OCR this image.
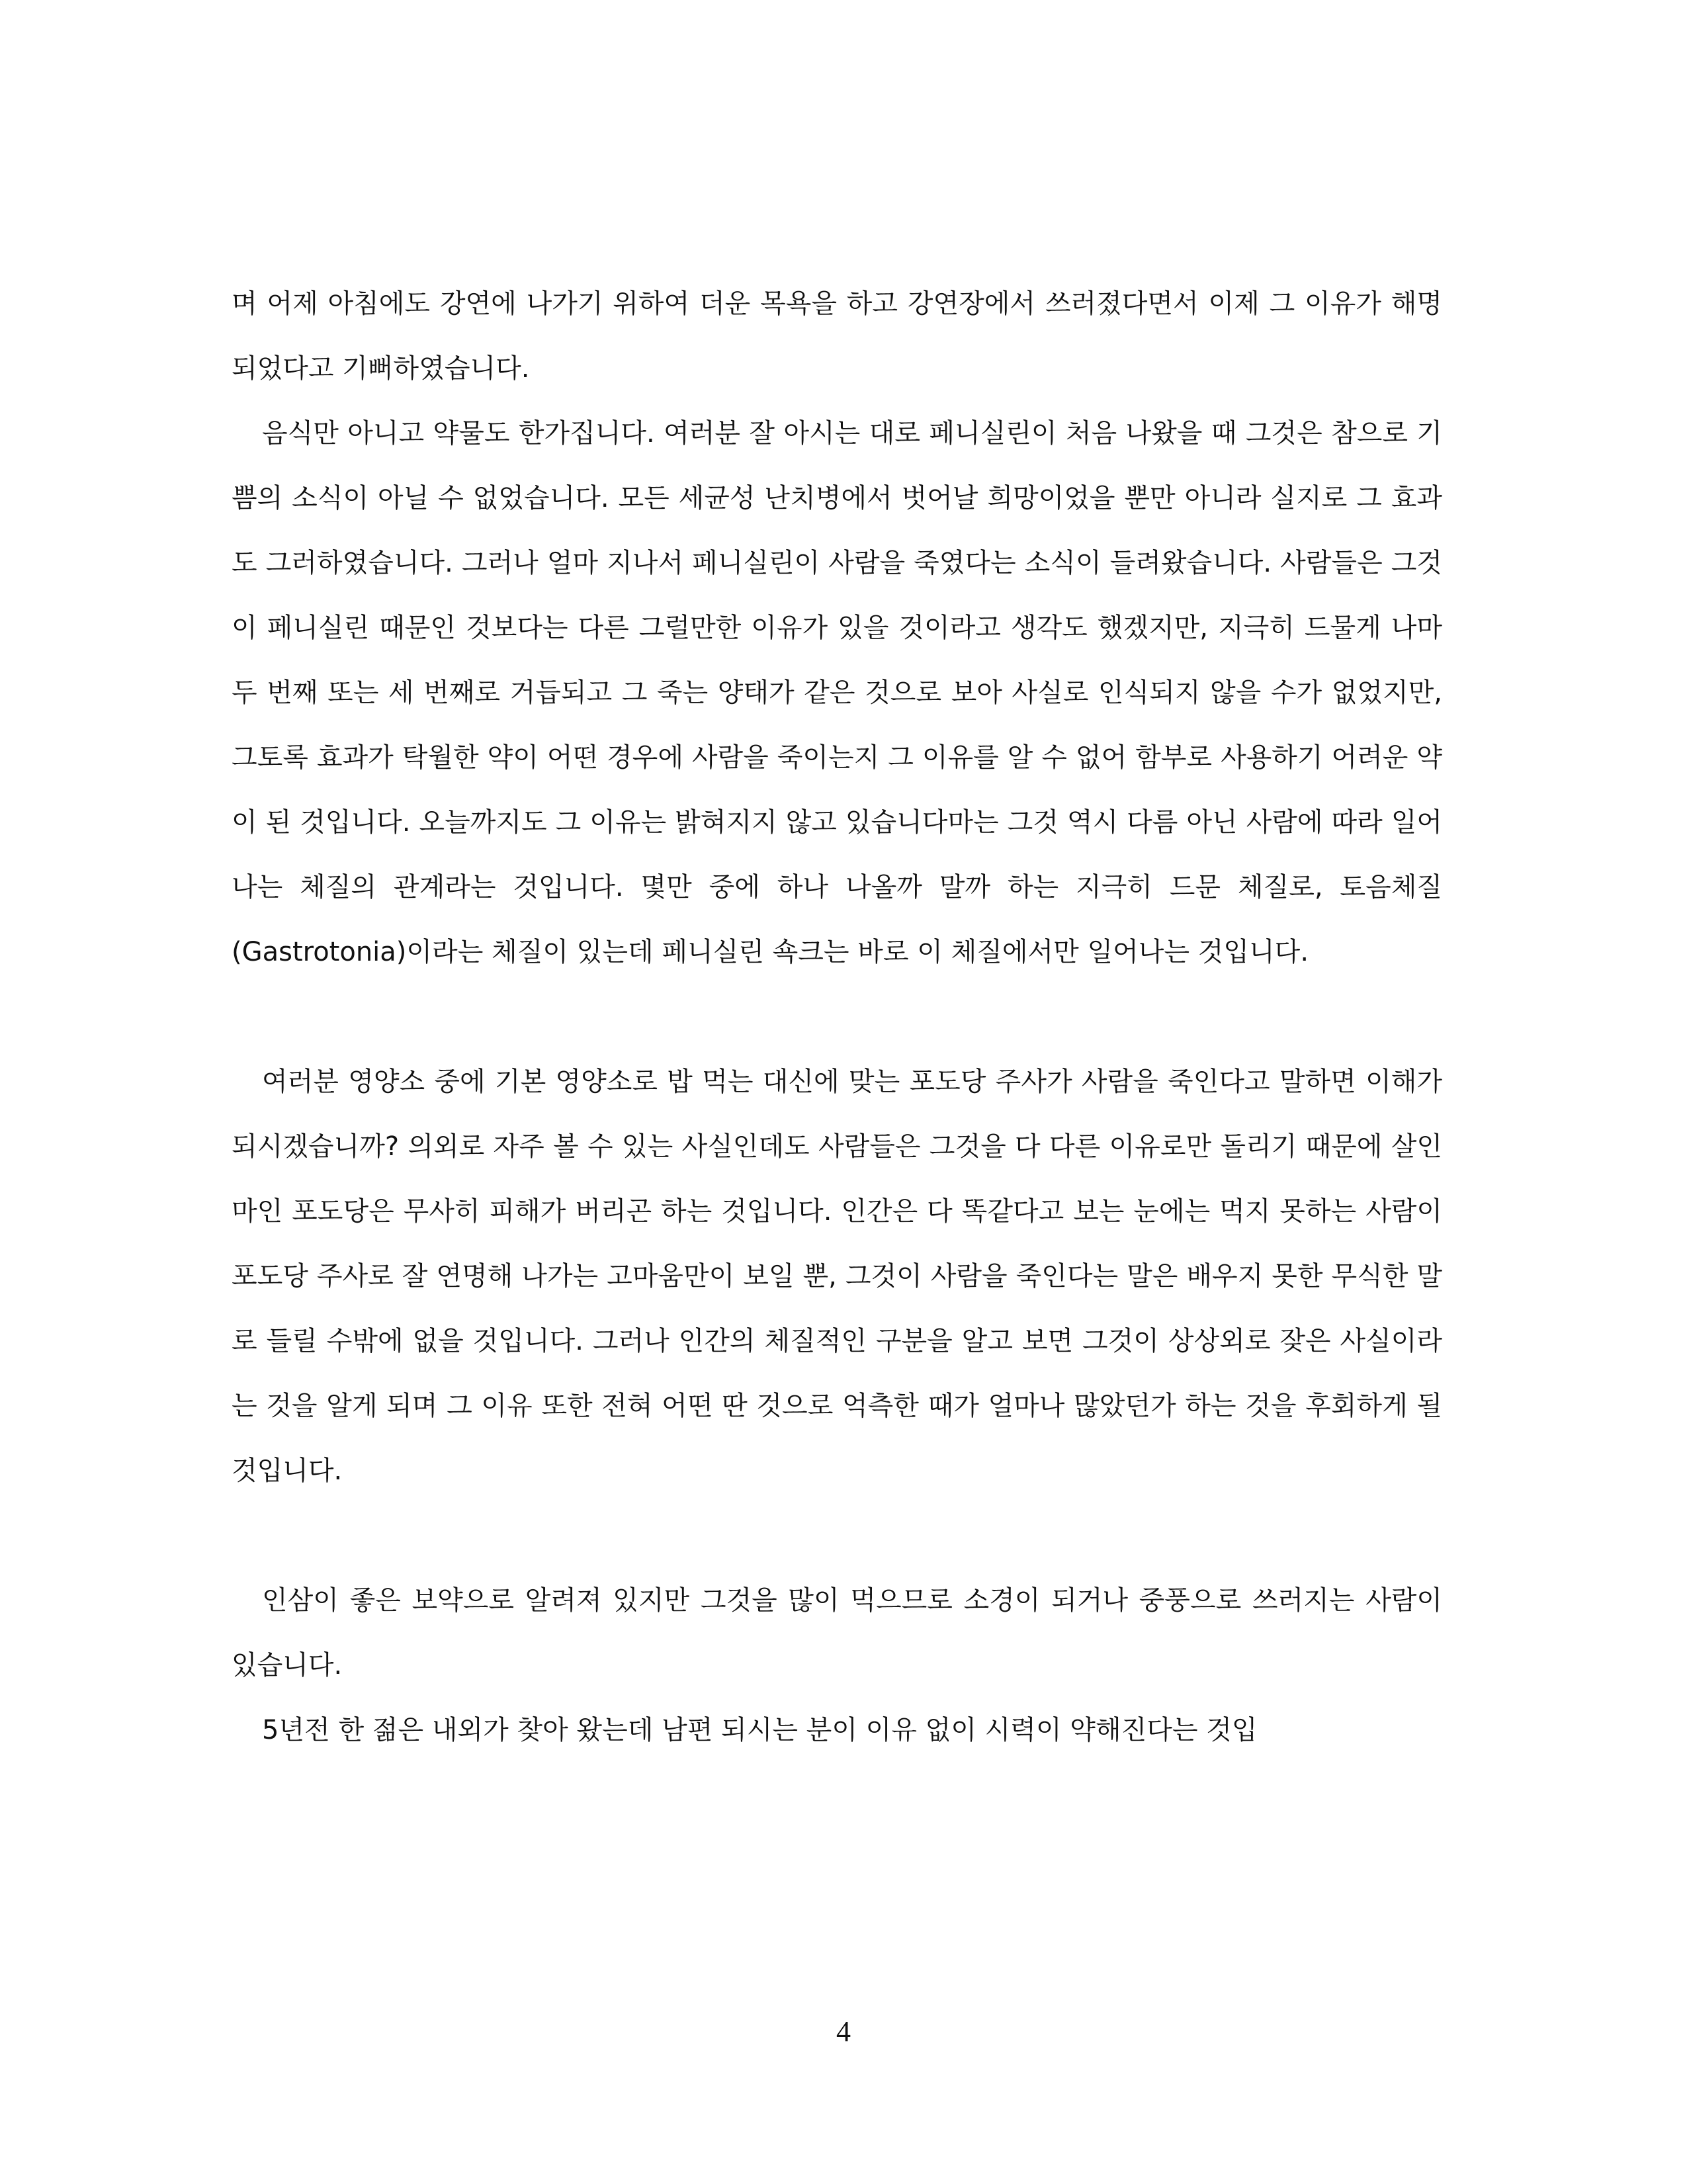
며 어제 아침에도 강연에 나가기 위하여 더운 목욕을 하고 강연장에서 쓰러졌다면서 이제 그 이유가 해명되었다고 기뻐하였습니다.

음식만 아니고 약물도 한가집니다. 여러분 잘 아시는 대로 페니실린이 처음 나왔을 때 그것은 참으로 기쁨의 소식이 아닐 수 없었습니다. 모든 세균성 난치병에서 벗어날 희망이었을 뿐만 아니라 실지로 그 효과도 그러하였습니다. 그러나 얼마 지나서 페니실린이 사람을 죽였다는 소식이 들려왔습니다. 사람들은 그것이 페니실린 때문인 것보다는 다른 그럴만한 이유가 있을 것이라고 생각도 했겠지만, 지극히 드물게 나마 두 번째 또는 세 번째로 거듭되고 그 죽는 양태가 같은 것으로 보아 사실로 인식되지 않을 수가 없었지만, 그토록 효과가 탁월한 약이 어떤 경우에 사람을 죽이는지 그 이유를 알 수 없어 함부로 사용하기 어려운 약이 된 것입니다. 오늘까지도 그 이유는 밝혀지지 않고 있습니다마는 그것 역시 다름 아닌 사람에 따라 일어나는 체질의 관계라는 것입니다. 몇만 중에 하나 나올까 말까 하는 지극히 드문 체질로, 토음체질(Gastrotonia)이라는 체질이 있는데 페니실린 쇽크는 바로 이 체질에서만 일어나는 것입니다.

여러분 영양소 중에 기본 영양소로 밥 먹는 대신에 맞는 포도당 주사가 사람을 죽인다고 말하면 이해가 되시겠습니까? 의외로 자주 볼 수 있는 사실인데도 사람들은 그것을 다 다른 이유로만 돌리기 때문에 살인마인 포도당은 무사히 피해가 버리곤 하는 것입니다. 인간은 다 똑같다고 보는 눈에는 먹지 못하는 사람이 포도당 주사로 잘 연명해 나가는 고마움만이 보일 뿐, 그것이 사람을 죽인다는 말은 배우지 못한 무식한 말로 들릴 수밖에 없을 것입니다. 그러나 인간의 체질적인 구분을 알고 보면 그것이 상상외로 잦은 사실이라는 것을 알게 되며 그 이유 또한 전혀 어떤 딴 것으로 억측한 때가 얼마나 많았던가 하는 것을 후회하게 될 것입니다.

인삼이 좋은 보약으로 알려져 있지만 그것을 많이 먹으므로 소경이 되거나 중풍으로 쓰러지는 사람이 있습니다.

5년전 한 젊은 내외가 찾아 왔는데 남편 되시는 분이 이유 없이 시력이 약해진다는 것입

4
